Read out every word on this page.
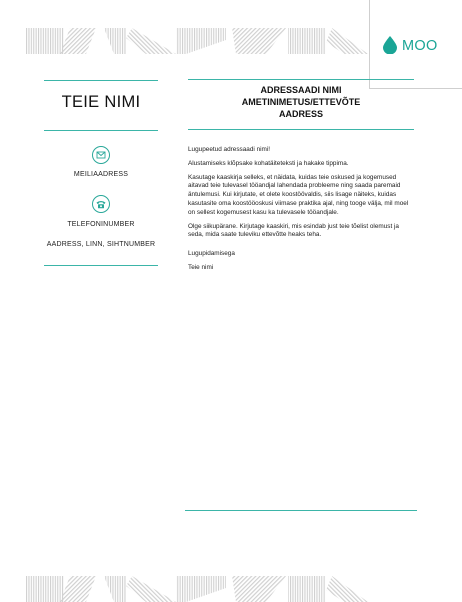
MOO
TEIE NIMI
MEILIAADRESS
TELEFONINUMBER
AADRESS, LINN, SIHTNUMBER
ADRESSAADI NIMI
AMETINIMETUS/ETTEVÕTE
AADRESS

Lugupeetud adressaadi nimi!

Alustamiseks klõpsake kohatäiteteksti ja hakake tippima.

Kasutage kaaskirja selleks, et näidata, kuidas teie oskused ja kogemused aitavad teie tulevasel tööandjal lahendada probleeme ning saada paremaid äntulemusi. Kui kirjutate, et olete koostöövaldis, siis lisage näiteks, kuidas kasutasite oma koostööoskusi viimase praktika ajal, ning tooge välja, mil moel on sellest kogemusest kasu ka tulevasele tööandjale.

Olge siikupärane. Kirjutage kaaskiri, mis esindab just teie tõelist olemust ja seda, mida saate tuleviku ettevõtte heaks teha.

Lugupidamisega

Teie nimi
